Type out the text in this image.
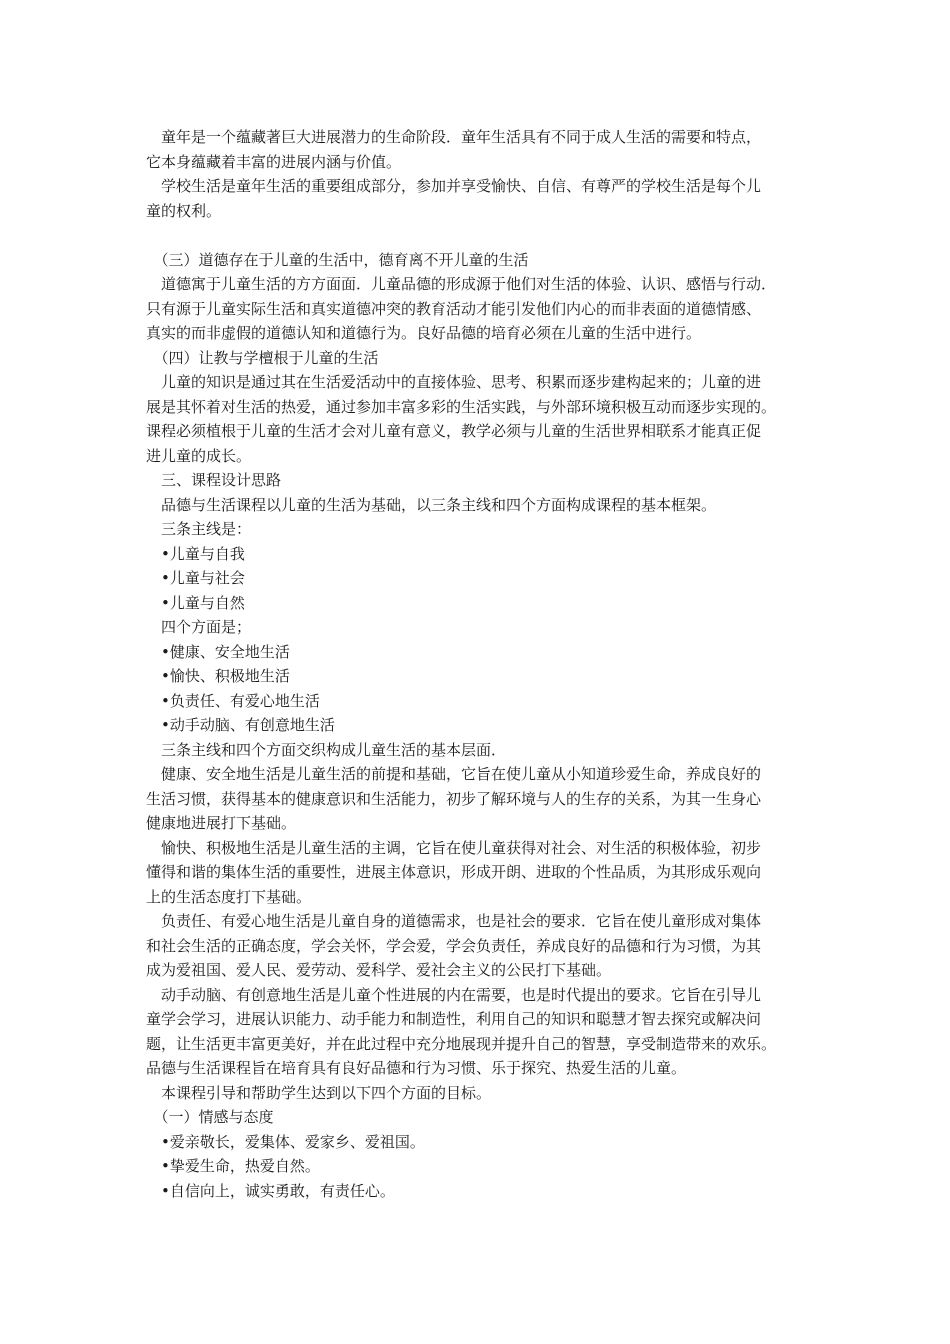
　童年是一个蕴藏著巨大进展潜力的生命阶段．童年生活具有不同于成人生活的需要和特点，
它本身蕴藏着丰富的进展内涵与价值。
　学校生活是童年生活的重要组成部分，参加并享受愉快、自信、有尊严的学校生活是每个儿
童的权利。
　（三）道德存在于儿童的生活中，德育离不开儿童的生活
　道德寓于儿童生活的方方面面．儿童品德的形成源于他们对生活的体验、认识、感悟与行动．
只有源于儿童实际生活和真实道德冲突的教育活动才能引发他们内心的而非表面的道德情感、
真实的而非虚假的道德认知和道德行为。良好品德的培育必须在儿童的生活中进行。
　（四）让教与学檀根于儿童的生活
　儿童的知识是通过其在生活爱活动中的直接体验、思考、积累而逐步建构起来的；儿童的进
展是其怀着对生活的热爱，通过参加丰富多彩的生活实践，与外部环境积极互动而逐步实现的。
课程必须植根于儿童的生活才会对儿童有意义，教学必须与儿童的生活世界相联系才能真正促
进儿童的成长。
　三、课程设计思路
　品德与生活课程以儿童的生活为基础，以三条主线和四个方面构成课程的基本框架。
　三条主线是：
　•儿童与自我
　•儿童与社会
　•儿童与自然
　四个方面是；
　•健康、安全地生活
　•愉快、积极地生活
　•负责任、有爱心地生活
　•动手动脑、有创意地生活
　三条主线和四个方面交织构成儿童生活的基本层面．
　健康、安全地生活是儿童生活的前提和基础，它旨在使儿童从小知道珍爱生命，养成良好的
生活习惯，获得基本的健康意识和生活能力，初步了解环境与人的生存的关系，为其一生身心
健康地进展打下基础。
　愉快、积极地生活是儿童生活的主调，它旨在使儿童获得对社会、对生活的积极体验，初步
懂得和谐的集体生活的重要性，进展主体意识，形成开朗、进取的个性品质，为其形成乐观向
上的生活态度打下基础。
　负责任、有爱心地生活是儿童自身的道德需求，也是社会的要求．它旨在使儿童形成对集体
和社会生活的正确态度，学会关怀，学会爱，学会负责任，养成良好的品德和行为习惯，为其
成为爱祖国、爱人民、爱劳动、爱科学、爱社会主义的公民打下基础。
　动手动脑、有创意地生活是儿童个性进展的内在需要，也是时代提出的要求。它旨在引导儿
童学会学习，进展认识能力、动手能力和制造性，利用自己的知识和聪慧才智去探究或解决问
题，让生活更丰富更美好，并在此过程中充分地展现并提升自己的智慧，享受制造带来的欢乐。
品德与生活课程旨在培育具有良好品德和行为习惯、乐于探究、热爱生活的儿童。
　本课程引导和帮助学生达到以下四个方面的目标。
　（一）情感与态度
　•爱亲敬长，爱集体、爱家乡、爱祖国。
　•挚爱生命，热爱自然。
　•自信向上，诚实勇敢，有责任心。
